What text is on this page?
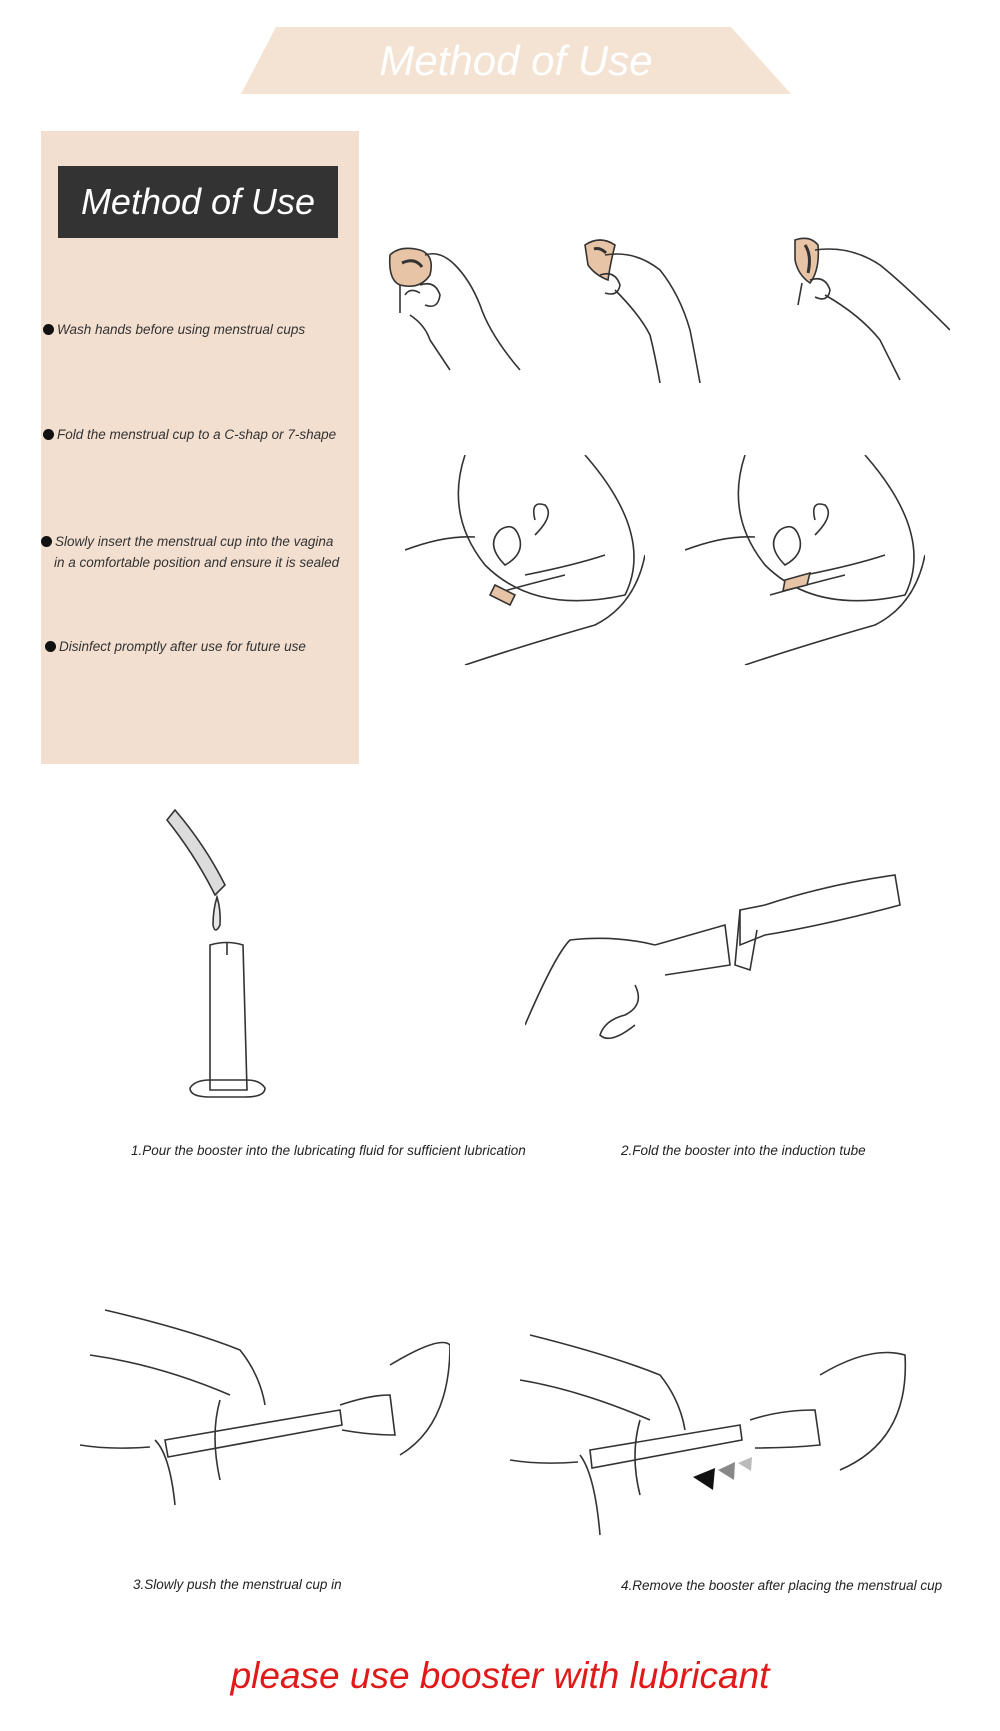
Method of Use
Method of Use
Wash hands before using menstrual cups
Fold the menstrual cup to a C-shap or 7-shape
Slowly insert the menstrual cup into the vagina
in a comfortable position and ensure it is sealed
Disinfect promptly after use for future use
1.Pour the booster into the lubricating fluid for sufficient lubrication	2.Fold the booster into the induction tube
3.Slowly push the menstrual cup in	4.Remove the booster after placing the menstrual cup
please use booster with lubricant
